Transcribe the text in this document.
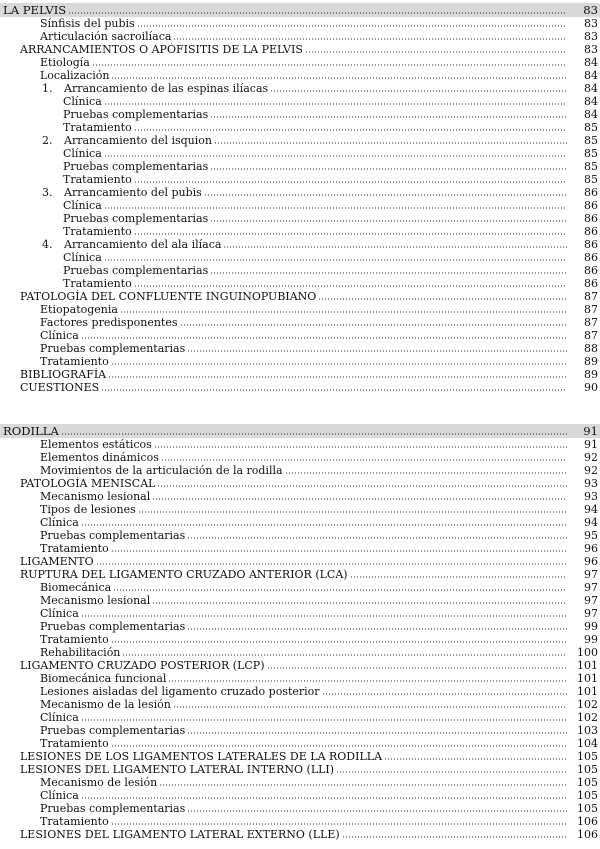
LA PELVIS	83
Sínfisis del pubis	83
Articulación sacroilíaca	83
ARRANCAMIENTOS O APÓFISITIS DE LA PELVIS	83
Etiología	84
Localización	84
1.	Arrancamiento de las espinas ilíacas	84
Clínica	84
Pruebas complementarias	84
Tratamiento	85
2.	Arrancamiento del isquion	85
Clínica	85
Pruebas complementarias	85
Tratamiento	85
3.	Arrancamiento del pubis	86
Clínica	86
Pruebas complementarias	86
Tratamiento	86
4.	Arrancamiento del ala ilíaca	86
Clínica	86
Pruebas complementarias	86
Tratamiento	86
PATOLOGÍA DEL CONFLUENTE INGUINOPUBIANO	87
Etiopatogenia	87
Factores predisponentes	87
Clínica	87
Pruebas complementarias	88
Tratamiento	89
BIBLIOGRAFÍA	89
CUESTIONES	90
RODILLA	91
Elementos estáticos	91
Elementos dinámicos	92
Movimientos de la articulación de la rodilla	92
PATOLOGÍA MENISCAL	93
Mecanismo lesional	93
Tipos de lesiones	94
Clínica	94
Pruebas complementarias	95
Tratamiento	96
LIGAMENTO	96
RUPTURA DEL LIGAMENTO CRUZADO ANTERIOR (LCA)	97
Biomecánica	97
Mecanismo lesional	97
Clínica	97
Pruebas complementarias	99
Tratamiento	99
Rehabilitación	100
LIGAMENTO CRUZADO POSTERIOR (LCP)	101
Biomecánica funcional	101
Lesiones aisladas del ligamento cruzado posterior	101
Mecanismo de la lesión	102
Clínica	102
Pruebas complementarias	103
Tratamiento	104
LESIONES DE LOS LIGAMENTOS LATERALES DE LA RODILLA	105
LESIONES DEL LIGAMENTO LATERAL INTERNO (LLI)	105
Mecanismo de lesión	105
Clínica	105
Pruebas complementarias	105
Tratamiento	106
LESIONES DEL LIGAMENTO LATERAL EXTERNO (LLE)	106
